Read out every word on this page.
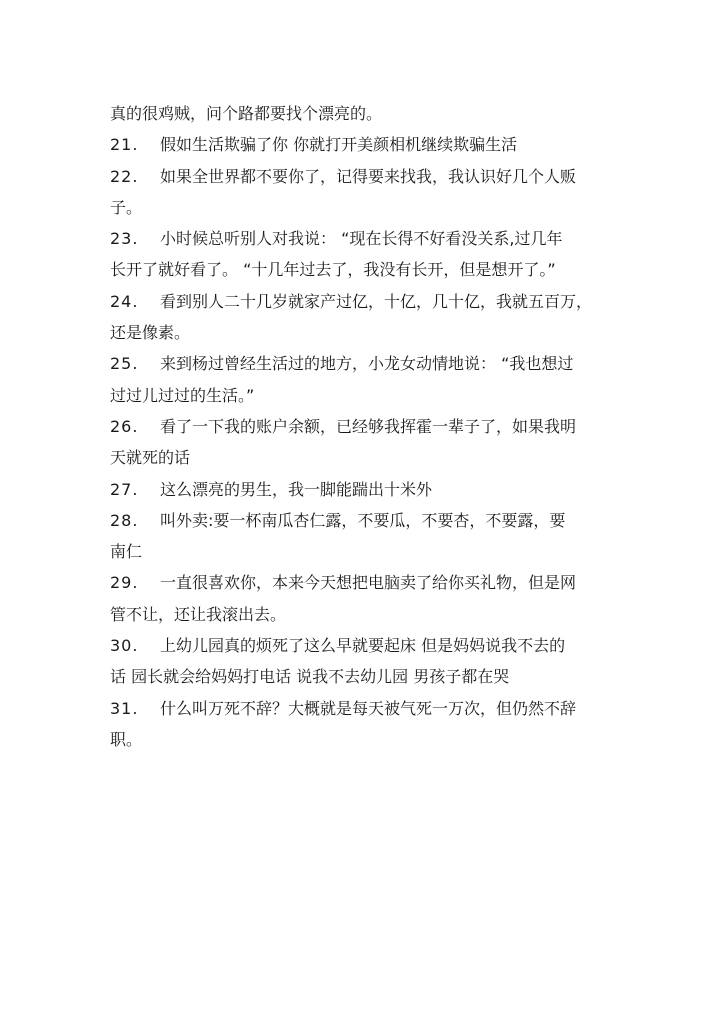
真的很鸡贼，问个路都要找个漂亮的。
21. 假如生活欺骗了你 你就打开美颜相机继续欺骗生活
22. 如果全世界都不要你了，记得要来找我，我认识好几个人贩
子。
23. 小时候总听别人对我说： “现在长得不好看没关系,过几年
长开了就好看了。 “十几年过去了，我没有长开，但是想开了。”
24. 看到别人二十几岁就家产过亿，十亿，几十亿，我就五百万，
还是像素。
25. 来到杨过曾经生活过的地方，小龙女动情地说： “我也想过
过过儿过过的生活。”
26. 看了一下我的账户余额，已经够我挥霍一辈子了，如果我明
天就死的话
27. 这么漂亮的男生，我一脚能踹出十米外
28. 叫外卖:要一杯南瓜杏仁露，不要瓜，不要杏，不要露，要
南仁
29. 一直很喜欢你，本来今天想把电脑卖了给你买礼物，但是网
管不让，还让我滚出去。
30. 上幼儿园真的烦死了这么早就要起床 但是妈妈说我不去的
话 园长就会给妈妈打电话 说我不去幼儿园 男孩子都在哭
31. 什么叫万死不辞？大概就是每天被气死一万次，但仍然不辞
职。
